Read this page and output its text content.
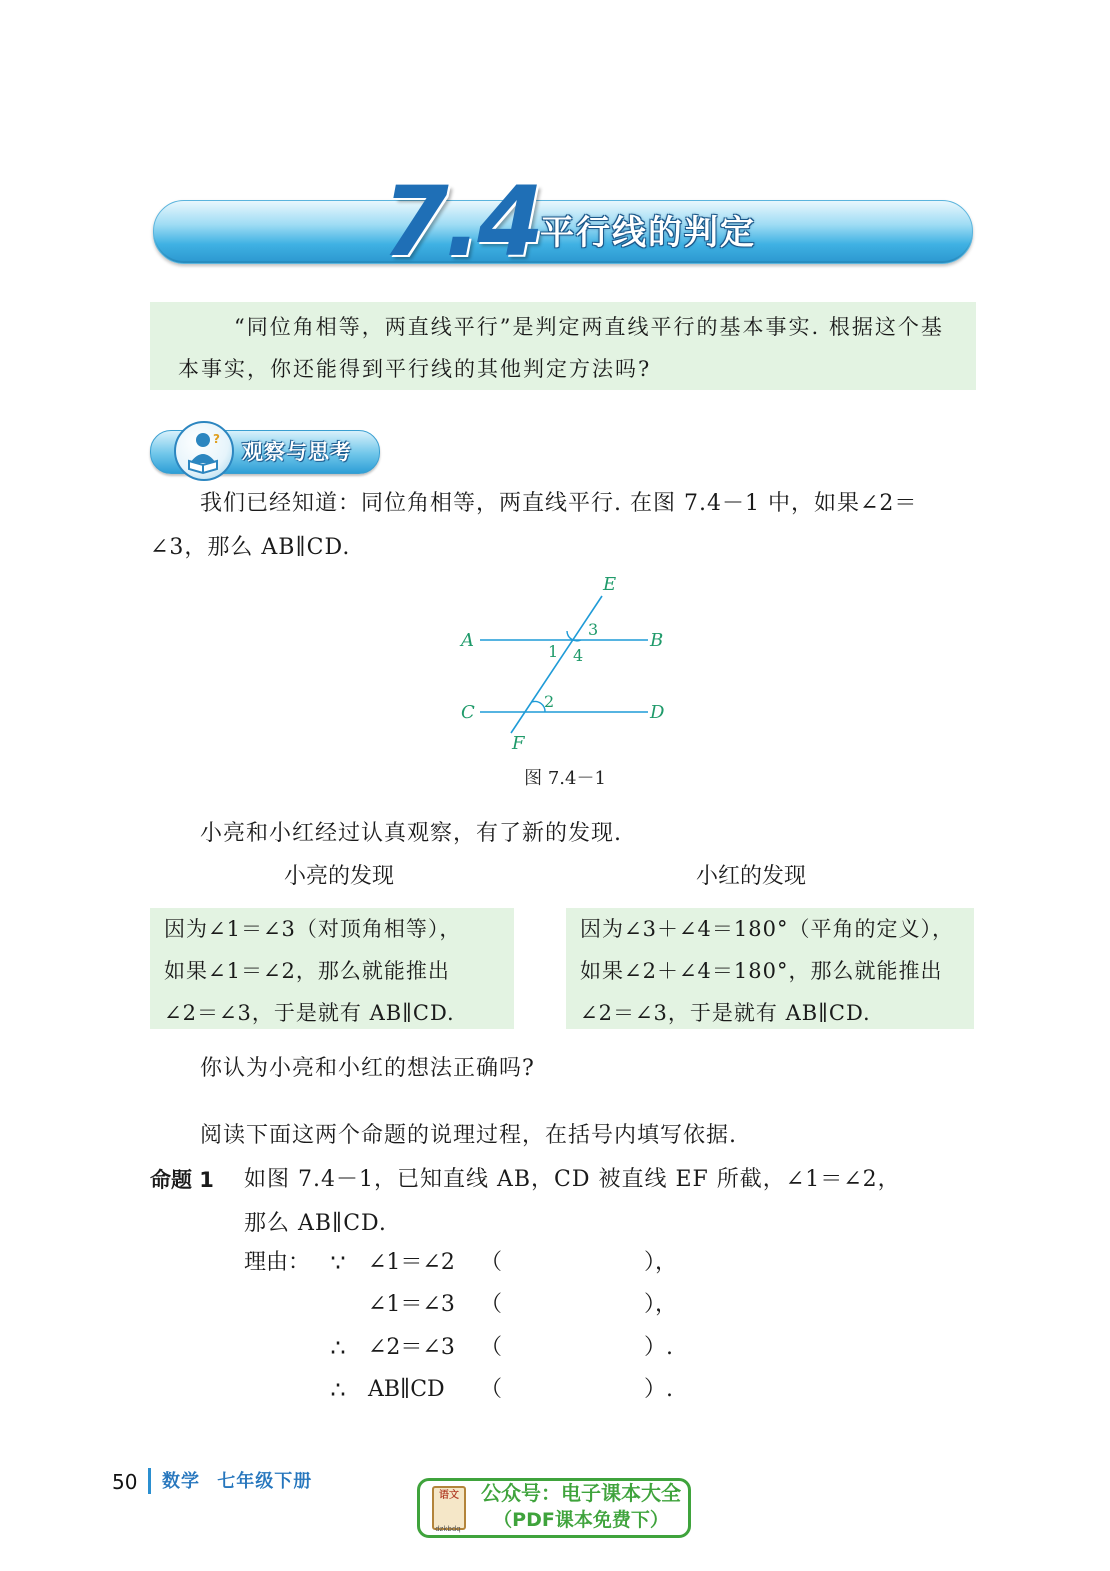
7.4 平行线的判定

“同位角相等，两直线平行”是判定两直线平行的基本事实. 根据这个基本事实，你还能得到平行线的其他判定方法吗?

?
观察与思考
我们已经知道：同位角相等，两直线平行. 在图 7.4－1 中，如果∠2＝
∠3，那么 AB∥CD.
E
A	B
C	D
F
1
2
3
4
图 7.4－1
小亮和小红经过认真观察，有了新的发现.
小亮的发现	小红的发现
因为∠1＝∠3（对顶角相等），
如果∠1＝∠2，那么就能推出
∠2＝∠3，于是就有 AB∥CD.
因为∠3＋∠4＝180°（平角的定义），
如果∠2＋∠4＝180°，那么就能推出
∠2＝∠3，于是就有 AB∥CD.
你认为小亮和小红的想法正确吗?
阅读下面这两个命题的说理过程，在括号内填写依据.
命题 1 如图 7.4－1，已知直线 AB，CD 被直线 EF 所截，∠1＝∠2，
那么 AB∥CD.
理由： ∵	∠1＝∠2 （	），
∠1＝∠3 （	），
∴	∠2＝∠3 （	）.
∴	AB∥CD （	）.
50 数学 七年级下册
语文
dzkbdq
公众号：电子课本大全
（PDF课本免费下）
